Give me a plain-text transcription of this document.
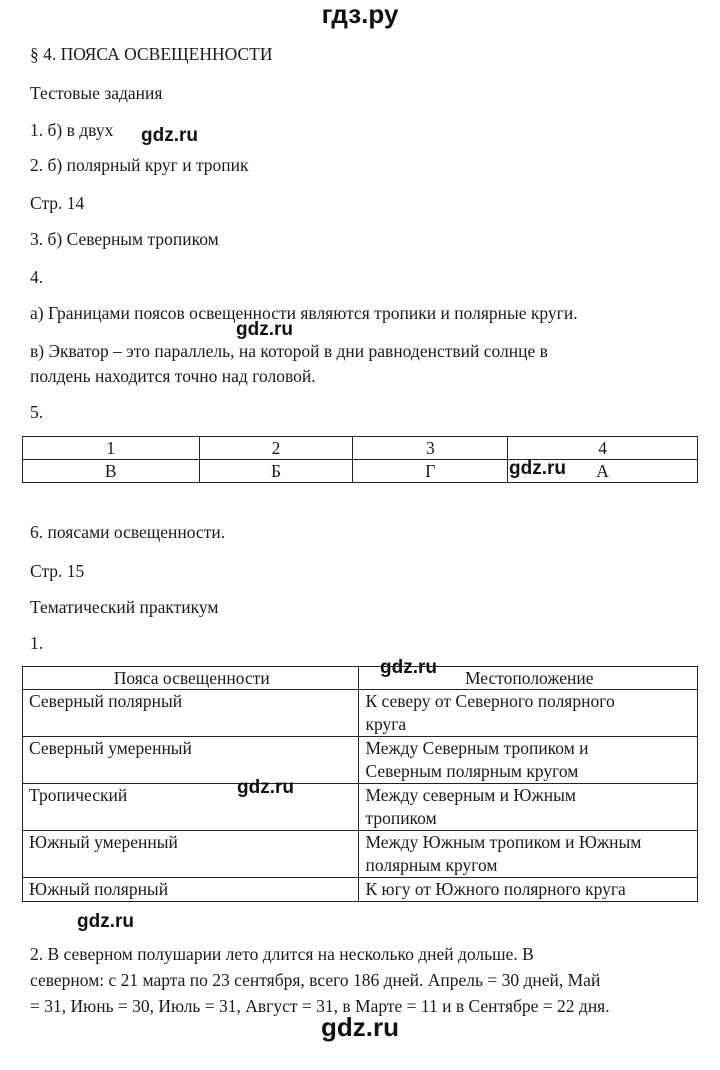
гдз.ру
§ 4. ПОЯСА ОСВЕЩЕННОСТИ
Тестовые задания
1. б) в двух gdz.ru
2. б) полярный круг и тропик
Стр. 14
3. б) Северным тропиком
4.
а) Границами поясов освещенности являются тропики и полярные круги.
gdz.ru
в) Экватор – это параллель, на которой в дни равноденствий солнце в
полдень находится точно над головой.
5.
1	2	3	4
В	Б	Г	А
gdz.ru
6. поясами освещенности.
Стр. 15
Тематический практикум
1.
gdz.ru
Пояса освещенности	Местоположение
Северный полярный	К северу от Северного полярного
круга

Северный умеренный	Между Северным тропиком и
Северным полярным кругом

Тропический	Между северным и Южным
тропиком

Южный умеренный	Между Южным тропиком и Южным
полярным кругом

Южный полярный	К югу от Южного полярного круга
gdz.ru
gdz.ru
2. В северном полушарии лето длится на несколько дней дольше. В
северном: с 21 марта по 23 сентября, всего 186 дней. Апрель = 30 дней, Май
= 31, Июнь = 30, Июль = 31, Август = 31, в Марте = 11 и в Сентябре = 22 дня.
gdz.ru
